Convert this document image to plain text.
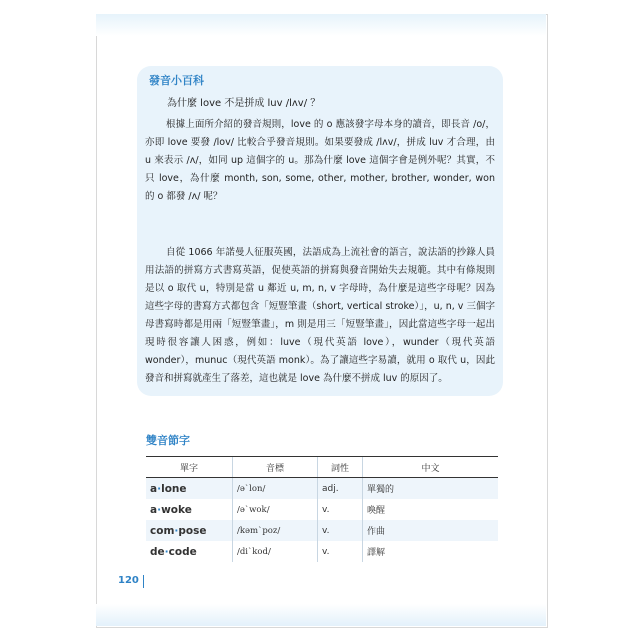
發音小百科
為什麼 love 不是拼成 luv /lʌv/ ？

根據上面所介紹的發音規則，love 的 o 應該發字母本身的讀音，即長音 /o/，亦即 love 要發 /lov/ 比較合乎發音規則。如果要發成 /lʌv/，拼成 luv 才合理，由 u 來表示 /ʌ/，如同 up 這個字的 u。那為什麼 love 這個字會是例外呢？其實，不只 love，為什麼 month, son, some, other, mother, brother, wonder, won 的 o 都發 /ʌ/ 呢？

自從 1066 年諾曼人征服英國，法語成為上流社會的語言，說法語的抄錄人員用法語的拼寫方式書寫英語，促使英語的拼寫與發音開始失去規範。其中有條規則是以 o 取代 u，特別是當 u 鄰近 u, m, n, v 字母時，為什麼是這些字母呢？因為這些字母的書寫方式都包含「短豎筆畫（short, vertical stroke）」，u, n, v 三個字母書寫時都是用兩「短豎筆畫」，m 則是用三「短豎筆畫」，因此當這些字母一起出現時很容讓人困惑，例如：luve（現代英語 love），wunder（現代英語 wonder），munuc（現代英語 monk）。為了讓這些字易讀，就用 o 取代 u，因此發音和拼寫就產生了落差，這也就是 love 為什麼不拼成 luv 的原因了。

雙音節字
單字	音標	詞性	中文
a·lone	/əˋlon/	adj.	單獨的
a·woke	/əˋwok/	v.	喚醒
com·pose	/kəmˋpoz/	v.	作曲
de·code	/diˋkod/	v.	譯解
120
